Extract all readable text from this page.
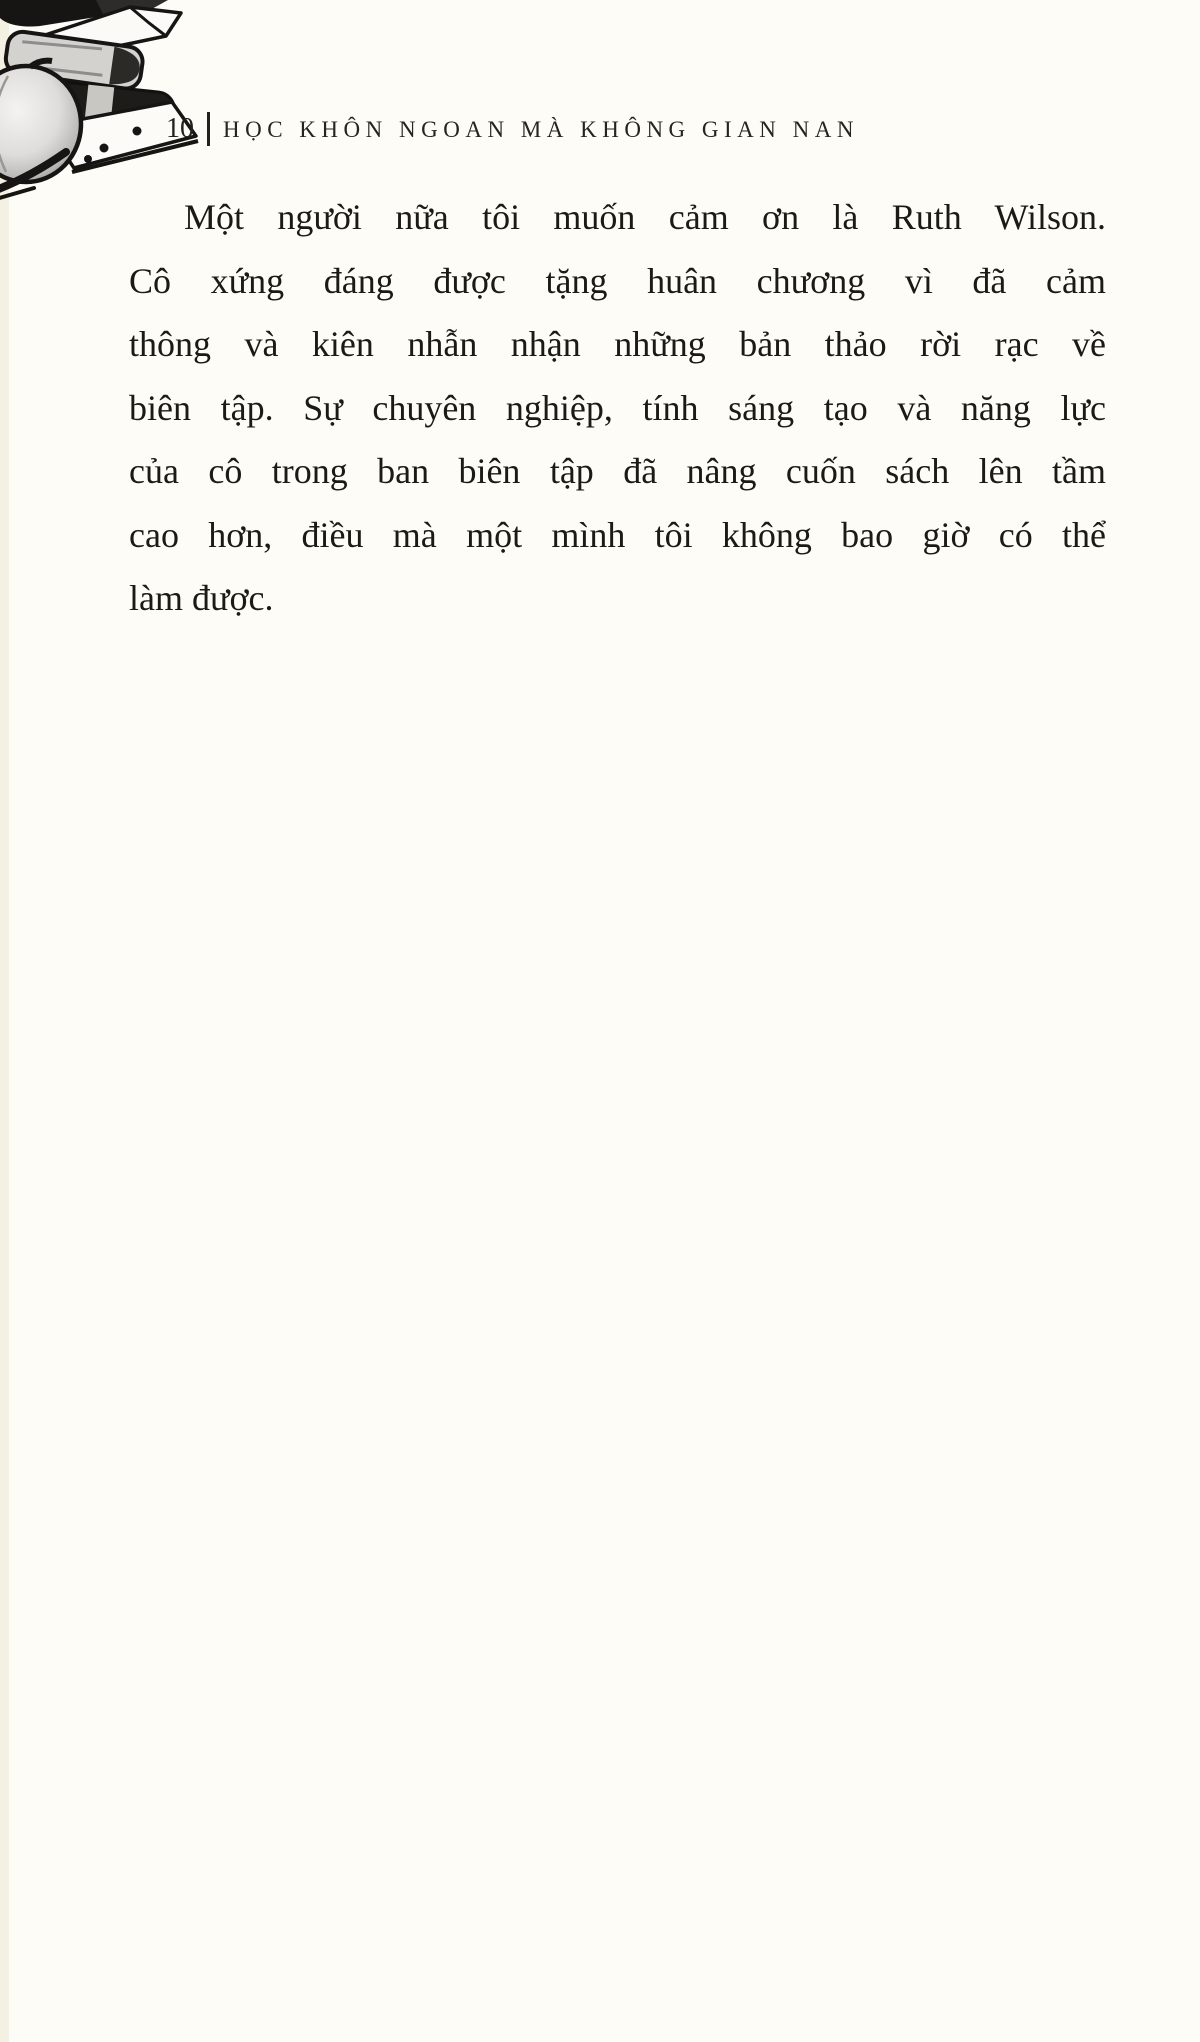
10 HỌC KHÔN NGOAN MÀ KHÔNG GIAN NAN
Một người nữa tôi muốn cảm ơn là Ruth Wilson.
Cô xứng đáng được tặng huân chương vì đã cảm
thông và kiên nhẫn nhận những bản thảo rời rạc về
biên tập. Sự chuyên nghiệp, tính sáng tạo và năng lực
của cô trong ban biên tập đã nâng cuốn sách lên tầm
cao hơn, điều mà một mình tôi không bao giờ có thể
làm được.
